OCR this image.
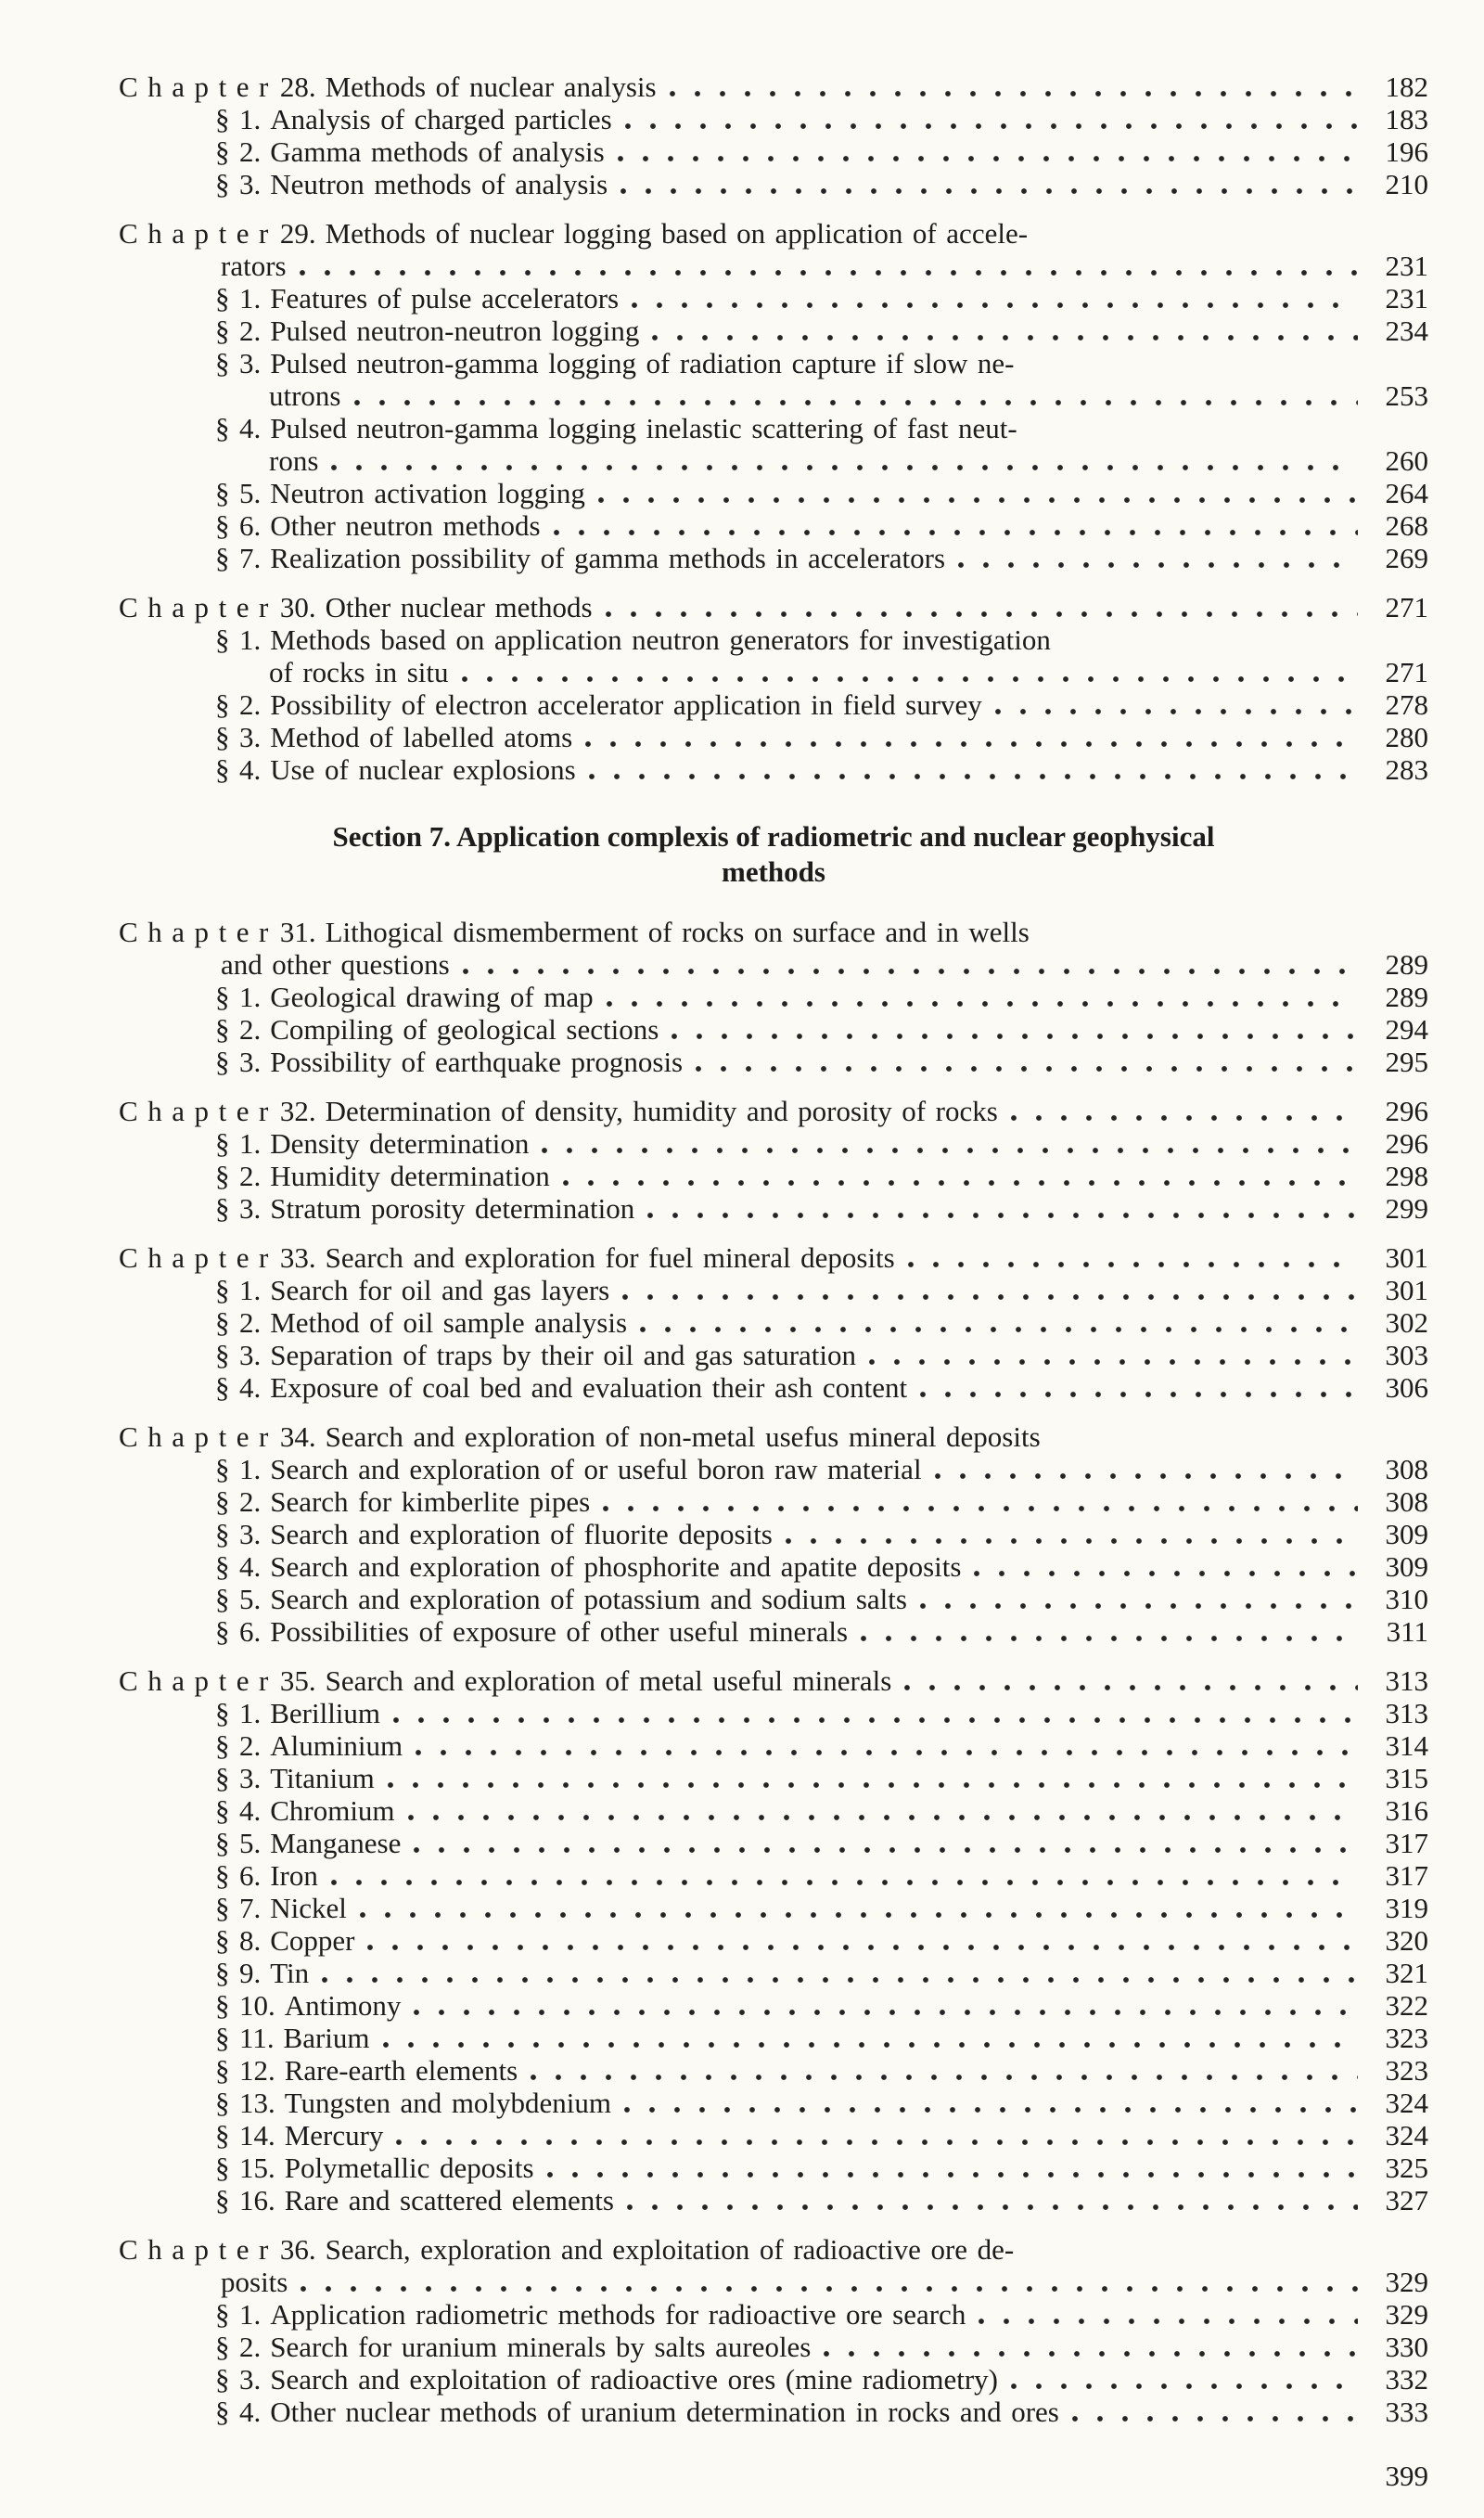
Chapter28. Methods of nuclear analysis	182
§ 1. Analysis of charged particles	183
§ 2. Gamma methods of analysis	196
§ 3. Neutron methods of analysis	210
Chapter29. Methods of nuclear logging based on application of accele-
rators	231
§ 1. Features of pulse accelerators	231
§ 2. Pulsed neutron-neutron logging	234
§ 3. Pulsed neutron-gamma logging of radiation capture if slow ne-
utrons	253
§ 4. Pulsed neutron-gamma logging inelastic scattering of fast neut-
rons	260
§ 5. Neutron activation logging	264
§ 6. Other neutron methods	268
§ 7. Realization possibility of gamma methods in accelerators	269
Chapter30. Other nuclear methods	271
§ 1. Methods based on application neutron generators for investigation
of rocks in situ	271
§ 2. Possibility of electron accelerator application in field survey	278
§ 3. Method of labelled atoms	280
§ 4. Use of nuclear explosions	283
Section 7. Application complexis of radiometric and nuclear geophysical
methods
Chapter31. Lithogical dismemberment of rocks on surface and in wells
and other questions	289
§ 1. Geological drawing of map	289
§ 2. Compiling of geological sections	294
§ 3. Possibility of earthquake prognosis	295
Chapter32. Determination of density, humidity and porosity of rocks	296
§ 1. Density determination	296
§ 2. Humidity determination	298
§ 3. Stratum porosity determination	299
Chapter33. Search and exploration for fuel mineral deposits	301
§ 1. Search for oil and gas layers	301
§ 2. Method of oil sample analysis	302
§ 3. Separation of traps by their oil and gas saturation	303
§ 4. Exposure of coal bed and evaluation their ash content	306
Chapter34. Search and exploration of non-metal usefus mineral deposits
§ 1. Search and exploration of or useful boron raw material	308
§ 2. Search for kimberlite pipes	308
§ 3. Search and exploration of fluorite deposits	309
§ 4. Search and exploration of phosphorite and apatite deposits	309
§ 5. Search and exploration of potassium and sodium salts	310
§ 6. Possibilities of exposure of other useful minerals	311
Chapter35. Search and exploration of metal useful minerals	313
§ 1. Berillium	313
§ 2. Aluminium	314
§ 3. Titanium	315
§ 4. Chromium	316
§ 5. Manganese	317
§ 6. Iron	317
§ 7. Nickel	319
§ 8. Copper	320
§ 9. Tin	321
§ 10. Antimony	322
§ 11. Barium	323
§ 12. Rare-earth elements	323
§ 13. Tungsten and molybdenium	324
§ 14. Mercury	324
§ 15. Polymetallic deposits	325
§ 16. Rare and scattered elements	327
Chapter36. Search, exploration and exploitation of radioactive ore de-
posits	329
§ 1. Application radiometric methods for radioactive ore search	329
§ 2. Search for uranium minerals by salts aureoles	330
§ 3. Search and exploitation of radioactive ores (mine radiometry)	332
§ 4. Other nuclear methods of uranium determination in rocks and ores	333
399
